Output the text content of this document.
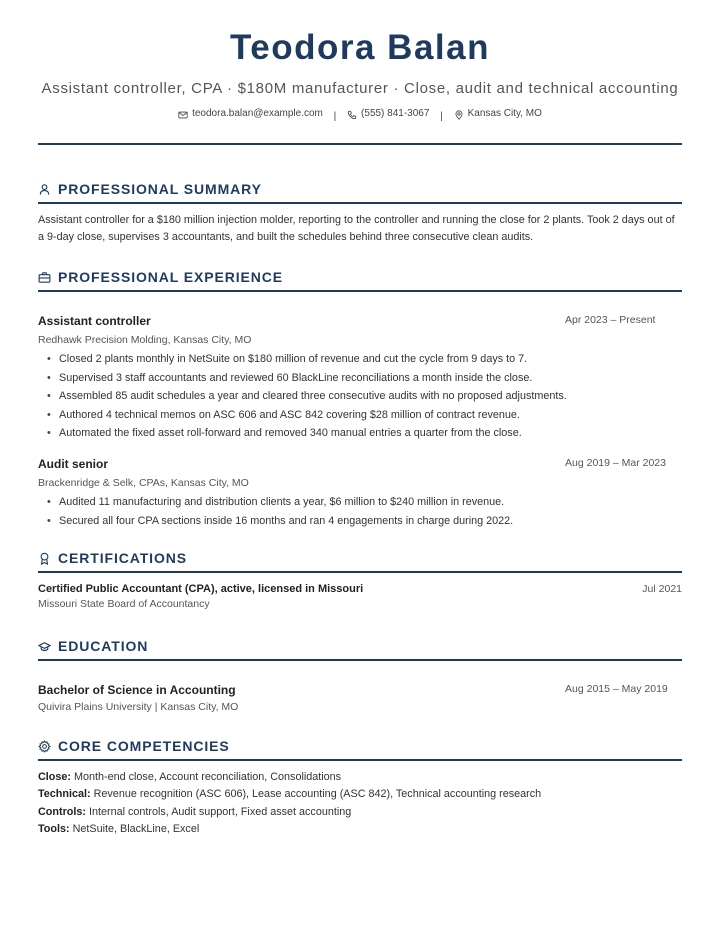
Teodora Balan
Assistant controller, CPA · $180M manufacturer · Close, audit and technical accounting
teodora.balan@example.com | (555) 841-3067 | Kansas City, MO
PROFESSIONAL SUMMARY
Assistant controller for a $180 million injection molder, reporting to the controller and running the close for 2 plants. Took 2 days out of a 9-day close, supervises 3 accountants, and built the schedules behind three consecutive clean audits.
PROFESSIONAL EXPERIENCE
Assistant controller	Apr 2023 – Present
Redhawk Precision Molding, Kansas City, MO
• Closed 2 plants monthly in NetSuite on $180 million of revenue and cut the cycle from 9 days to 7.
• Supervised 3 staff accountants and reviewed 60 BlackLine reconciliations a month inside the close.
• Assembled 85 audit schedules a year and cleared three consecutive audits with no proposed adjustments.
• Authored 4 technical memos on ASC 606 and ASC 842 covering $28 million of contract revenue.
• Automated the fixed asset roll-forward and removed 340 manual entries a quarter from the close.
Audit senior	Aug 2019 – Mar 2023
Brackenridge & Selk, CPAs, Kansas City, MO
• Audited 11 manufacturing and distribution clients a year, $6 million to $240 million in revenue.
• Secured all four CPA sections inside 16 months and ran 4 engagements in charge during 2022.
CERTIFICATIONS
Certified Public Accountant (CPA), active, licensed in Missouri	Jul 2021
Missouri State Board of Accountancy
EDUCATION
Bachelor of Science in Accounting	Aug 2015 – May 2019
Quivira Plains University | Kansas City, MO
CORE COMPETENCIES
Close: Month-end close, Account reconciliation, Consolidations
Technical: Revenue recognition (ASC 606), Lease accounting (ASC 842), Technical accounting research
Controls: Internal controls, Audit support, Fixed asset accounting
Tools: NetSuite, BlackLine, Excel
